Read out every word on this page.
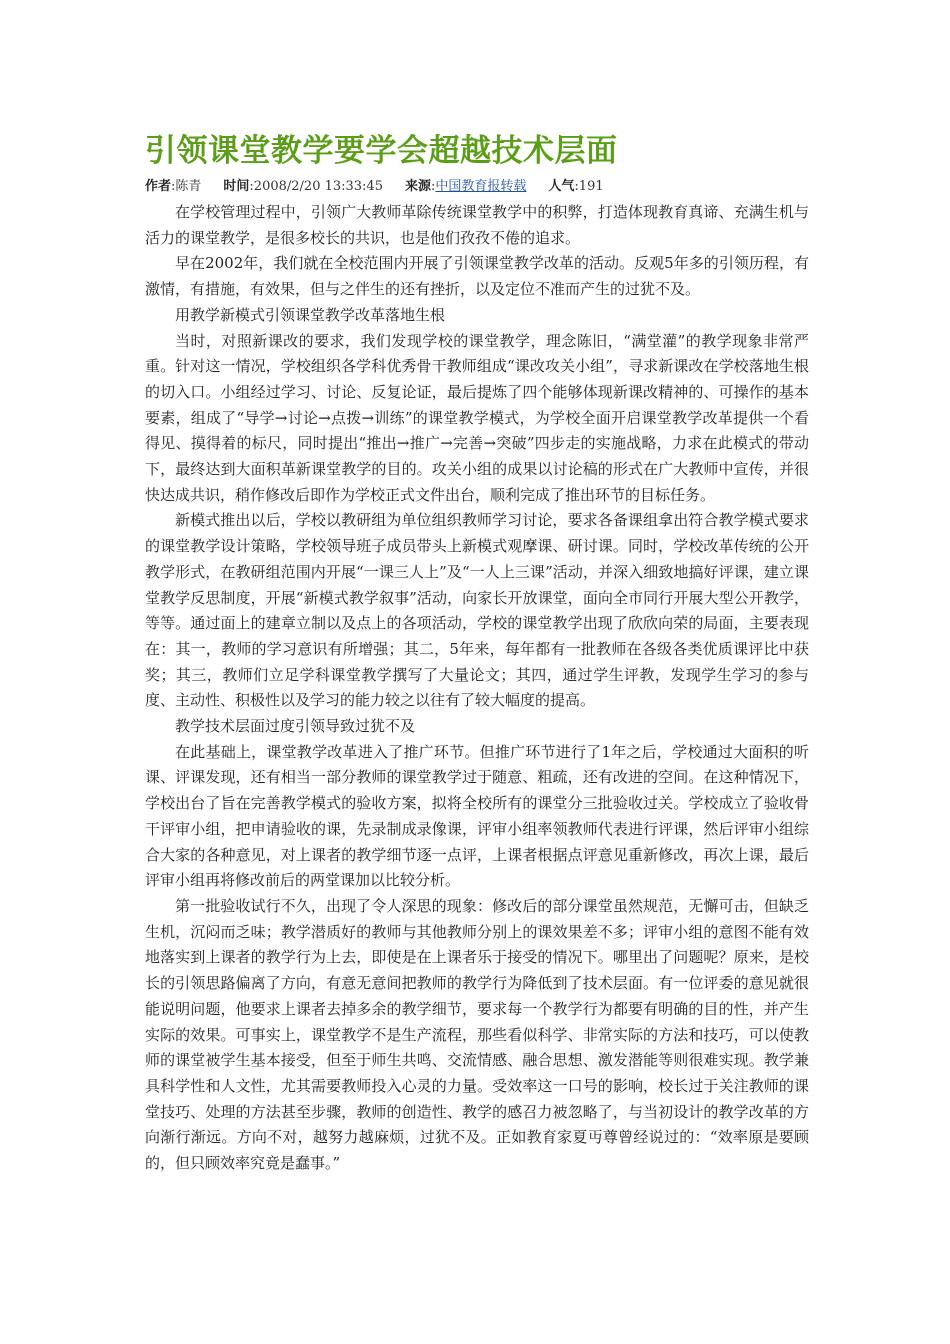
引领课堂教学要学会超越技术层面
作者:陈青 时间:2008/2/20 13:33:45 来源:中国教育报转载 人气:191

在学校管理过程中，引领广大教师革除传统课堂教学中的积弊，打造体现教育真谛、充满生机与活力的课堂教学，是很多校长的共识，也是他们孜孜不倦的追求。

早在2002年，我们就在全校范围内开展了引领课堂教学改革的活动。反观5年多的引领历程，有激情，有措施，有效果，但与之伴生的还有挫折，以及定位不准而产生的过犹不及。

用教学新模式引领课堂教学改革落地生根

当时，对照新课改的要求，我们发现学校的课堂教学，理念陈旧，“满堂灌”的教学现象非常严重。针对这一情况，学校组织各学科优秀骨干教师组成“课改攻关小组”，寻求新课改在学校落地生根的切入口。小组经过学习、讨论、反复论证，最后提炼了四个能够体现新课改精神的、可操作的基本要素，组成了“导学→讨论→点拨→训练”的课堂教学模式，为学校全面开启课堂教学改革提供一个看得见、摸得着的标尺，同时提出“推出→推广→完善→突破”四步走的实施战略，力求在此模式的带动下，最终达到大面积革新课堂教学的目的。攻关小组的成果以讨论稿的形式在广大教师中宣传，并很快达成共识，稍作修改后即作为学校正式文件出台，顺利完成了推出环节的目标任务。

新模式推出以后，学校以教研组为单位组织教师学习讨论，要求各备课组拿出符合教学模式要求的课堂教学设计策略，学校领导班子成员带头上新模式观摩课、研讨课。同时，学校改革传统的公开教学形式，在教研组范围内开展“一课三人上”及“一人上三课”活动，并深入细致地搞好评课，建立课堂教学反思制度，开展“新模式教学叙事”活动，向家长开放课堂，面向全市同行开展大型公开教学，等等。通过面上的建章立制以及点上的各项活动，学校的课堂教学出现了欣欣向荣的局面，主要表现在：其一，教师的学习意识有所增强；其二，5年来，每年都有一批教师在各级各类优质课评比中获奖；其三，教师们立足学科课堂教学撰写了大量论文；其四，通过学生评教，发现学生学习的参与度、主动性、积极性以及学习的能力较之以往有了较大幅度的提高。

教学技术层面过度引领导致过犹不及

在此基础上，课堂教学改革进入了推广环节。但推广环节进行了1年之后，学校通过大面积的听课、评课发现，还有相当一部分教师的课堂教学过于随意、粗疏，还有改进的空间。在这种情况下，学校出台了旨在完善教学模式的验收方案，拟将全校所有的课堂分三批验收过关。学校成立了验收骨干评审小组，把申请验收的课，先录制成录像课，评审小组率领教师代表进行评课，然后评审小组综合大家的各种意见，对上课者的教学细节逐一点评，上课者根据点评意见重新修改，再次上课，最后评审小组再将修改前后的两堂课加以比较分析。

第一批验收试行不久，出现了令人深思的现象：修改后的部分课堂虽然规范，无懈可击，但缺乏生机，沉闷而乏味；教学潜质好的教师与其他教师分别上的课效果差不多；评审小组的意图不能有效地落实到上课者的教学行为上去，即使是在上课者乐于接受的情况下。哪里出了问题呢？原来，是校长的引领思路偏离了方向，有意无意间把教师的教学行为降低到了技术层面。有一位评委的意见就很能说明问题，他要求上课者去掉多余的教学细节，要求每一个教学行为都要有明确的目的性，并产生实际的效果。可事实上，课堂教学不是生产流程，那些看似科学、非常实际的方法和技巧，可以使教师的课堂被学生基本接受，但至于师生共鸣、交流情感、融合思想、激发潜能等则很难实现。教学兼具科学性和人文性，尤其需要教师投入心灵的力量。受效率这一口号的影响，校长过于关注教师的课堂技巧、处理的方法甚至步骤，教师的创造性、教学的感召力被忽略了，与当初设计的教学改革的方向渐行渐远。方向不对，越努力越麻烦，过犹不及。正如教育家夏丏尊曾经说过的：“效率原是要顾的，但只顾效率究竟是蠢事。”
